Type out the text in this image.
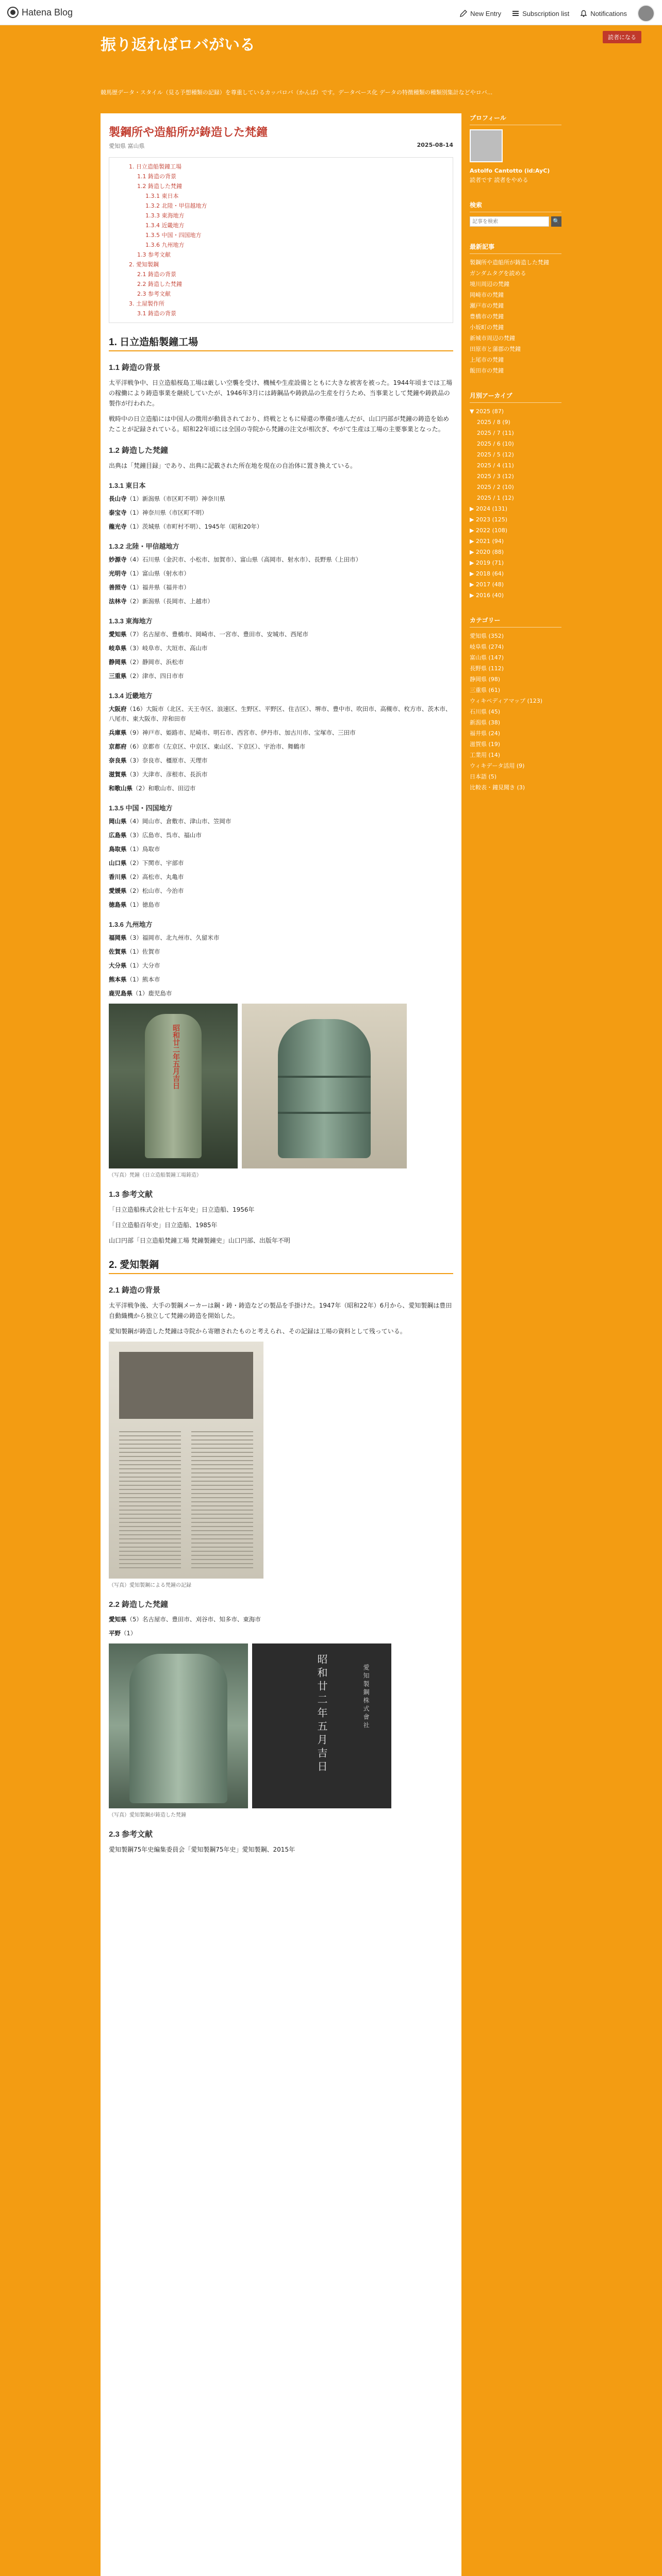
Hatena Blog	New Entry	Subscription list	Notifications
振り返ればロバがいる	読者になる
競馬歴データ・スタイル（見る予想種類の記録）を尊重しているカッパロバ（かんぱ）です。データベース化 データの特徴種類の種類別集計などやロバ...
製鋼所や造船所が鋳造した梵鐘
愛知県 富山県	2025-08-14
1. 日立造船製鐘工場
1.1 鋳造の背景
1.2 鋳造した梵鐘
1.3.1 東日本
1.3.2 北陸・甲信越地方
1.3.3 東海地方
1.3.4 近畿地方
1.3.5 中国・四国地方
1.3.6 九州地方
1.3 参考文献
2. 愛知製鋼
2.1 鋳造の背景
2.2 鋳造した梵鐘
2.3 参考文献
3. 土屋製作所
3.1 鋳造の背景
1. 日立造船製鐘工場
1.1 鋳造の背景

太平洋戦争中、日立造船桜島工場は厳しい空襲を受け、機械や生産設備とともに大きな被害を被った。1944年頃までは工場の稼働により鋳造事業を継続していたが、1946年3月には鋳鋼品や鋳鉄品の生産を行うため、当事業として梵鐘や鋳鉄品の製作が行われた。

戦時中の日立造船には中国人の徴用が動員されており、終戦とともに帰還の準備が進んだが、山口円部が梵鐘の鋳造を始めたことが記録されている。昭和22年頃には全国の寺院から梵鐘の注文が相次ぎ、やがて生産は工場の主要事業となった。

1.2 鋳造した梵鐘

出典は「梵鐘目録」であり、出典に記載された所在地を現在の自治体に置き換えている。

1.3.1 東日本
長山寺（1）新潟県（市区町不明）神奈川県
泰宝寺（1）神奈川県（市区町不明）
龍光寺（1）茨城県（市町村不明）、1945年（昭和20年）
1.3.2 北陸・甲信越地方
妙源寺（4）石川県（金沢市、小松市、加賀市）、富山県（高岡市、射水市）、長野県（上田市）
光明寺（1）富山県（射水市）
善照寺（1）福井県（福井市）
法林寺（2）新潟県（長岡市、上越市）
1.3.3 東海地方
愛知県（7）名古屋市、豊橋市、岡崎市、一宮市、豊田市、安城市、西尾市
岐阜県（3）岐阜市、大垣市、高山市
静岡県（2）静岡市、浜松市
三重県（2）津市、四日市市
1.3.4 近畿地方
大阪府（16）大阪市（北区、天王寺区、浪速区、生野区、平野区、住吉区）、堺市、豊中市、吹田市、高槻市、枚方市、茨木市、八尾市、東大阪市、岸和田市
兵庫県（9）神戸市、姫路市、尼崎市、明石市、西宮市、伊丹市、加古川市、宝塚市、三田市
京都府（6）京都市（左京区、中京区、東山区、下京区）、宇治市、舞鶴市
奈良県（3）奈良市、橿原市、天理市
滋賀県（3）大津市、彦根市、長浜市
和歌山県（2）和歌山市、田辺市
1.3.5 中国・四国地方
岡山県（4）岡山市、倉敷市、津山市、笠岡市
広島県（3）広島市、呉市、福山市
鳥取県（1）鳥取市
山口県（2）下関市、宇部市
香川県（2）高松市、丸亀市
愛媛県（2）松山市、今治市
徳島県（1）徳島市
1.3.6 九州地方
福岡県（3）福岡市、北九州市、久留米市
佐賀県（1）佐賀市
大分県（1）大分市
熊本県（1）熊本市
鹿児島県（1）鹿児島市
昭和廿二年五月吉日
（写真）梵鐘（日立造船製鐘工場鋳造）
1.3 参考文献

「日立造船株式会社七十五年史」日立造船、1956年

「日立造船百年史」日立造船、1985年

山口円部「日立造船梵鐘工場 梵鐘製鐘史」山口円部、出版年不明

2. 愛知製鋼
2.1 鋳造の背景

太平洋戦争後、大手の製鋼メーカーは鋼・鋳・鋳造などの製品を手掛けた。1947年（昭和22年）6月から、愛知製鋼は豊田自動織機から独立して梵鐘の鋳造を開始した。

愛知製鋼が鋳造した梵鐘は寺院から寄贈されたものと考えられ、その記録は工場の資料として残っている。

（写真）愛知製鋼による梵鐘の記録
2.2 鋳造した梵鐘
愛知県（5）名古屋市、豊田市、刈谷市、知多市、東海市
平野（1）
昭和廿二年五月吉日	愛知製鋼株式會社
（写真）愛知製鋼が鋳造した梵鐘
2.3 参考文献

愛知製鋼75年史編集委員会「愛知製鋼75年史」愛知製鋼、2015年

プロフィール
Astolfo Cantotto (id:AyC)
読者です 読者をやめる
検索
記事を検索
🔍
最新記事
製鋼所や造船所が鋳造した梵鐘
ガンダムタグを読める
境川周辺の梵鐘
岡崎市の梵鐘
瀬戸市の梵鐘
豊橋市の梵鐘
小坂町の梵鐘
新城市周辺の梵鐘
田原市と蒲郡の梵鐘
上尾市の梵鐘
飯田市の梵鐘
月別アーカイブ
▼ 2025 (87)
2025 / 8 (9)
2025 / 7 (11)
2025 / 6 (10)
2025 / 5 (12)
2025 / 4 (11)
2025 / 3 (12)
2025 / 2 (10)
2025 / 1 (12)
▶ 2024 (131)
▶ 2023 (125)
▶ 2022 (108)
▶ 2021 (94)
▶ 2020 (88)
▶ 2019 (71)
▶ 2018 (64)
▶ 2017 (48)
▶ 2016 (40)
カテゴリー
愛知県 (352)
岐阜県 (274)
富山県 (147)
長野県 (112)
静岡県 (98)
三重県 (61)
ウィキペディアマップ (123)
石川県 (45)
新潟県 (38)
福井県 (24)
滋賀県 (19)
工業用 (14)
ウィキデータ活用 (9)
日本語 (5)
比較表・鐘見聞き (3)
